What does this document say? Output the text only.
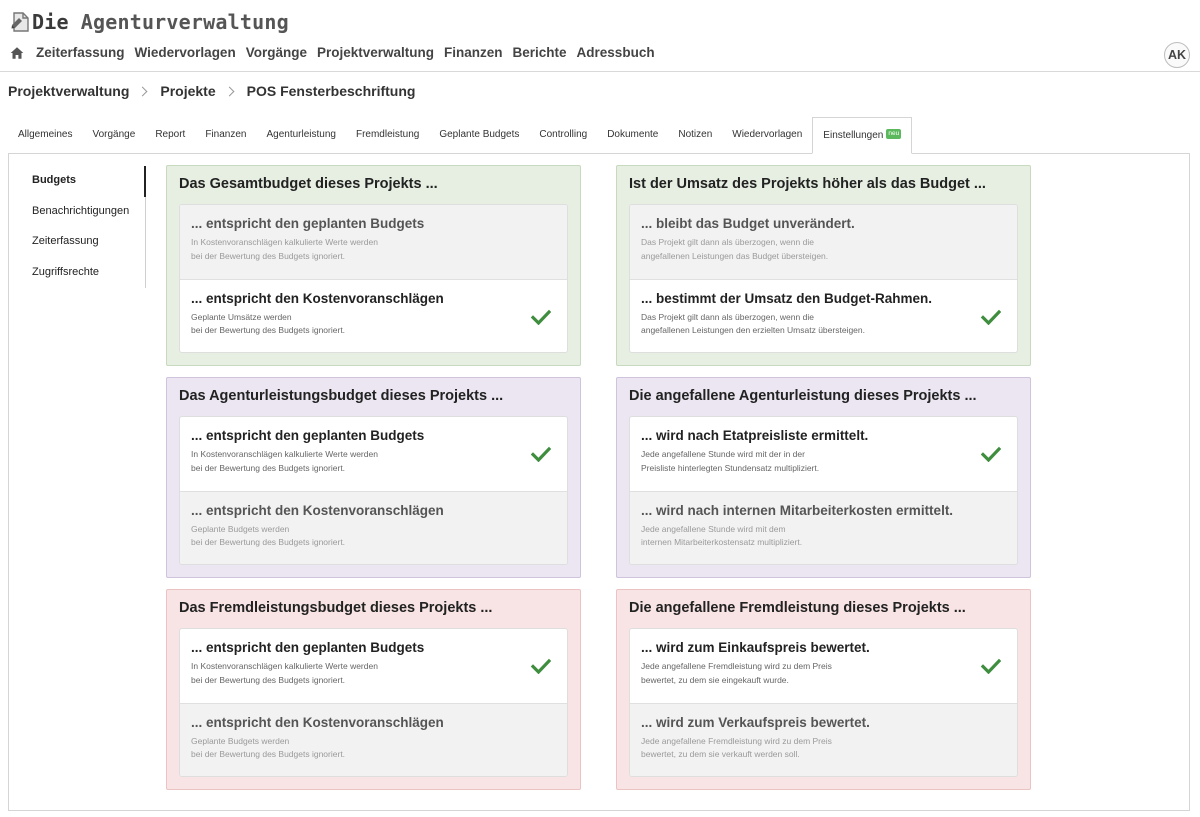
Die Agenturverwaltung
Zeiterfassung Wiedervorlagen Vorgänge Projektverwaltung Finanzen Berichte Adressbuch	AK
Projektverwaltung Projekte POS Fensterbeschriftung
Allgemeines	Vorgänge	Report	Finanzen	Agenturleistung	Fremdleistung	Geplante Budgets	Controlling	Dokumente	Notizen	Wiedervorlagen	Einstellungen neu
Budgets
Benachrichtigungen
Zeiterfassung
Zugriffsrechte
Das Gesamtbudget dieses Projekts ...
... entspricht den geplanten Budgets
In Kostenvoranschlägen kalkulierte Werte werden
bei der Bewertung des Budgets ignoriert.
... entspricht den Kostenvoranschlägen
Geplante Umsätze werden
bei der Bewertung des Budgets ignoriert.
Ist der Umsatz des Projekts höher als das Budget ...
... bleibt das Budget unverändert.
Das Projekt gilt dann als überzogen, wenn die
angefallenen Leistungen das Budget übersteigen.
... bestimmt der Umsatz den Budget-Rahmen.
Das Projekt gilt dann als überzogen, wenn die
angefallenen Leistungen den erzielten Umsatz übersteigen.
Das Agenturleistungsbudget dieses Projekts ...
... entspricht den geplanten Budgets
In Kostenvoranschlägen kalkulierte Werte werden
bei der Bewertung des Budgets ignoriert.
... entspricht den Kostenvoranschlägen
Geplante Budgets werden
bei der Bewertung des Budgets ignoriert.
Die angefallene Agenturleistung dieses Projekts ...
... wird nach Etatpreisliste ermittelt.
Jede angefallene Stunde wird mit der in der
Preisliste hinterlegten Stundensatz multipliziert.
... wird nach internen Mitarbeiterkosten ermittelt.
Jede angefallene Stunde wird mit dem
internen Mitarbeiterkostensatz multipliziert.
Das Fremdleistungsbudget dieses Projekts ...
... entspricht den geplanten Budgets
In Kostenvoranschlägen kalkulierte Werte werden
bei der Bewertung des Budgets ignoriert.
... entspricht den Kostenvoranschlägen
Geplante Budgets werden
bei der Bewertung des Budgets ignoriert.
Die angefallene Fremdleistung dieses Projekts ...
... wird zum Einkaufspreis bewertet.
Jede angefallene Fremdleistung wird zu dem Preis
bewertet, zu dem sie eingekauft wurde.
... wird zum Verkaufspreis bewertet.
Jede angefallene Fremdleistung wird zu dem Preis
bewertet, zu dem sie verkauft werden soll.
